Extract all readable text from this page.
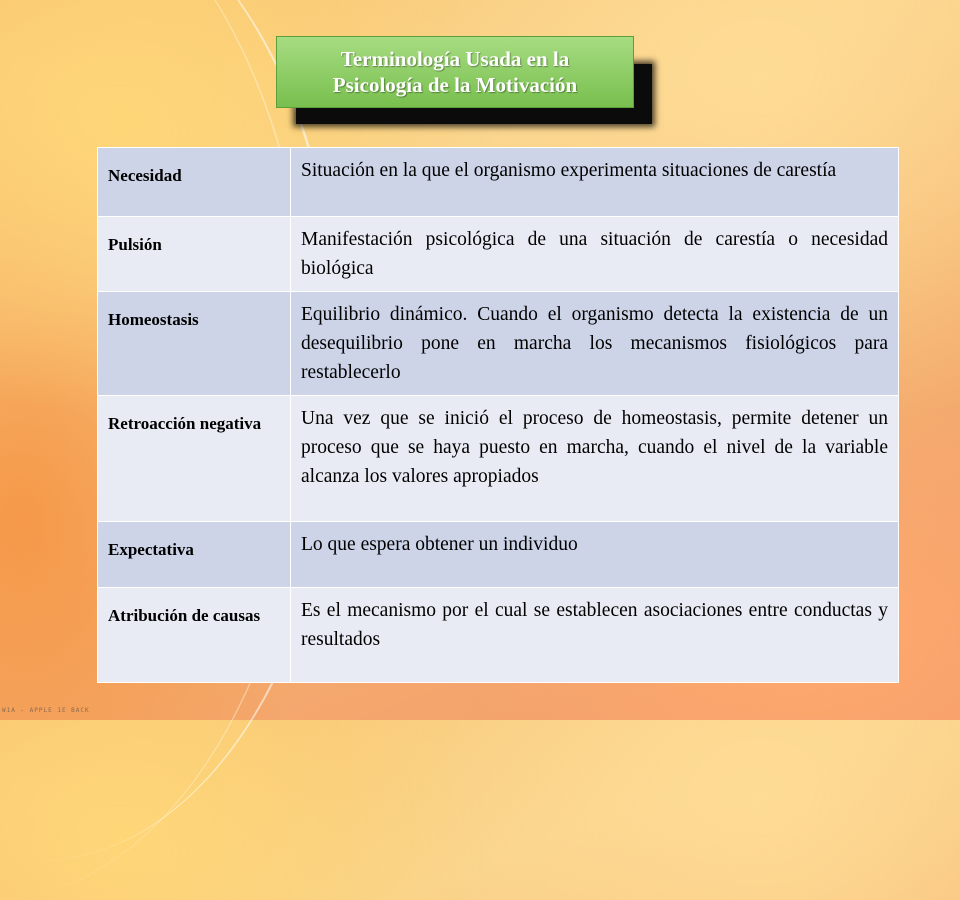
Terminología Usada en la
Psicología de la Motivación
Necesidad	Situación en la que el organismo experimenta situaciones de carestía
Pulsión	Manifestación psicológica de una situación de carestía o necesidad biológica
Homeostasis	Equilibrio dinámico. Cuando el organismo detecta la existencia de un desequilibrio pone en marcha los mecanismos fisiológicos para restablecerlo
Retroacción negativa	Una vez que se inició el proceso de homeostasis, permite detener un proceso que se haya puesto en marcha, cuando el nivel de la variable alcanza los valores apropiados
Expectativa	Lo que espera obtener un individuo
Atribución de causas	Es el mecanismo por el cual se establecen asociaciones entre conductas y resultados
W1A - APPLE 1E BACK
